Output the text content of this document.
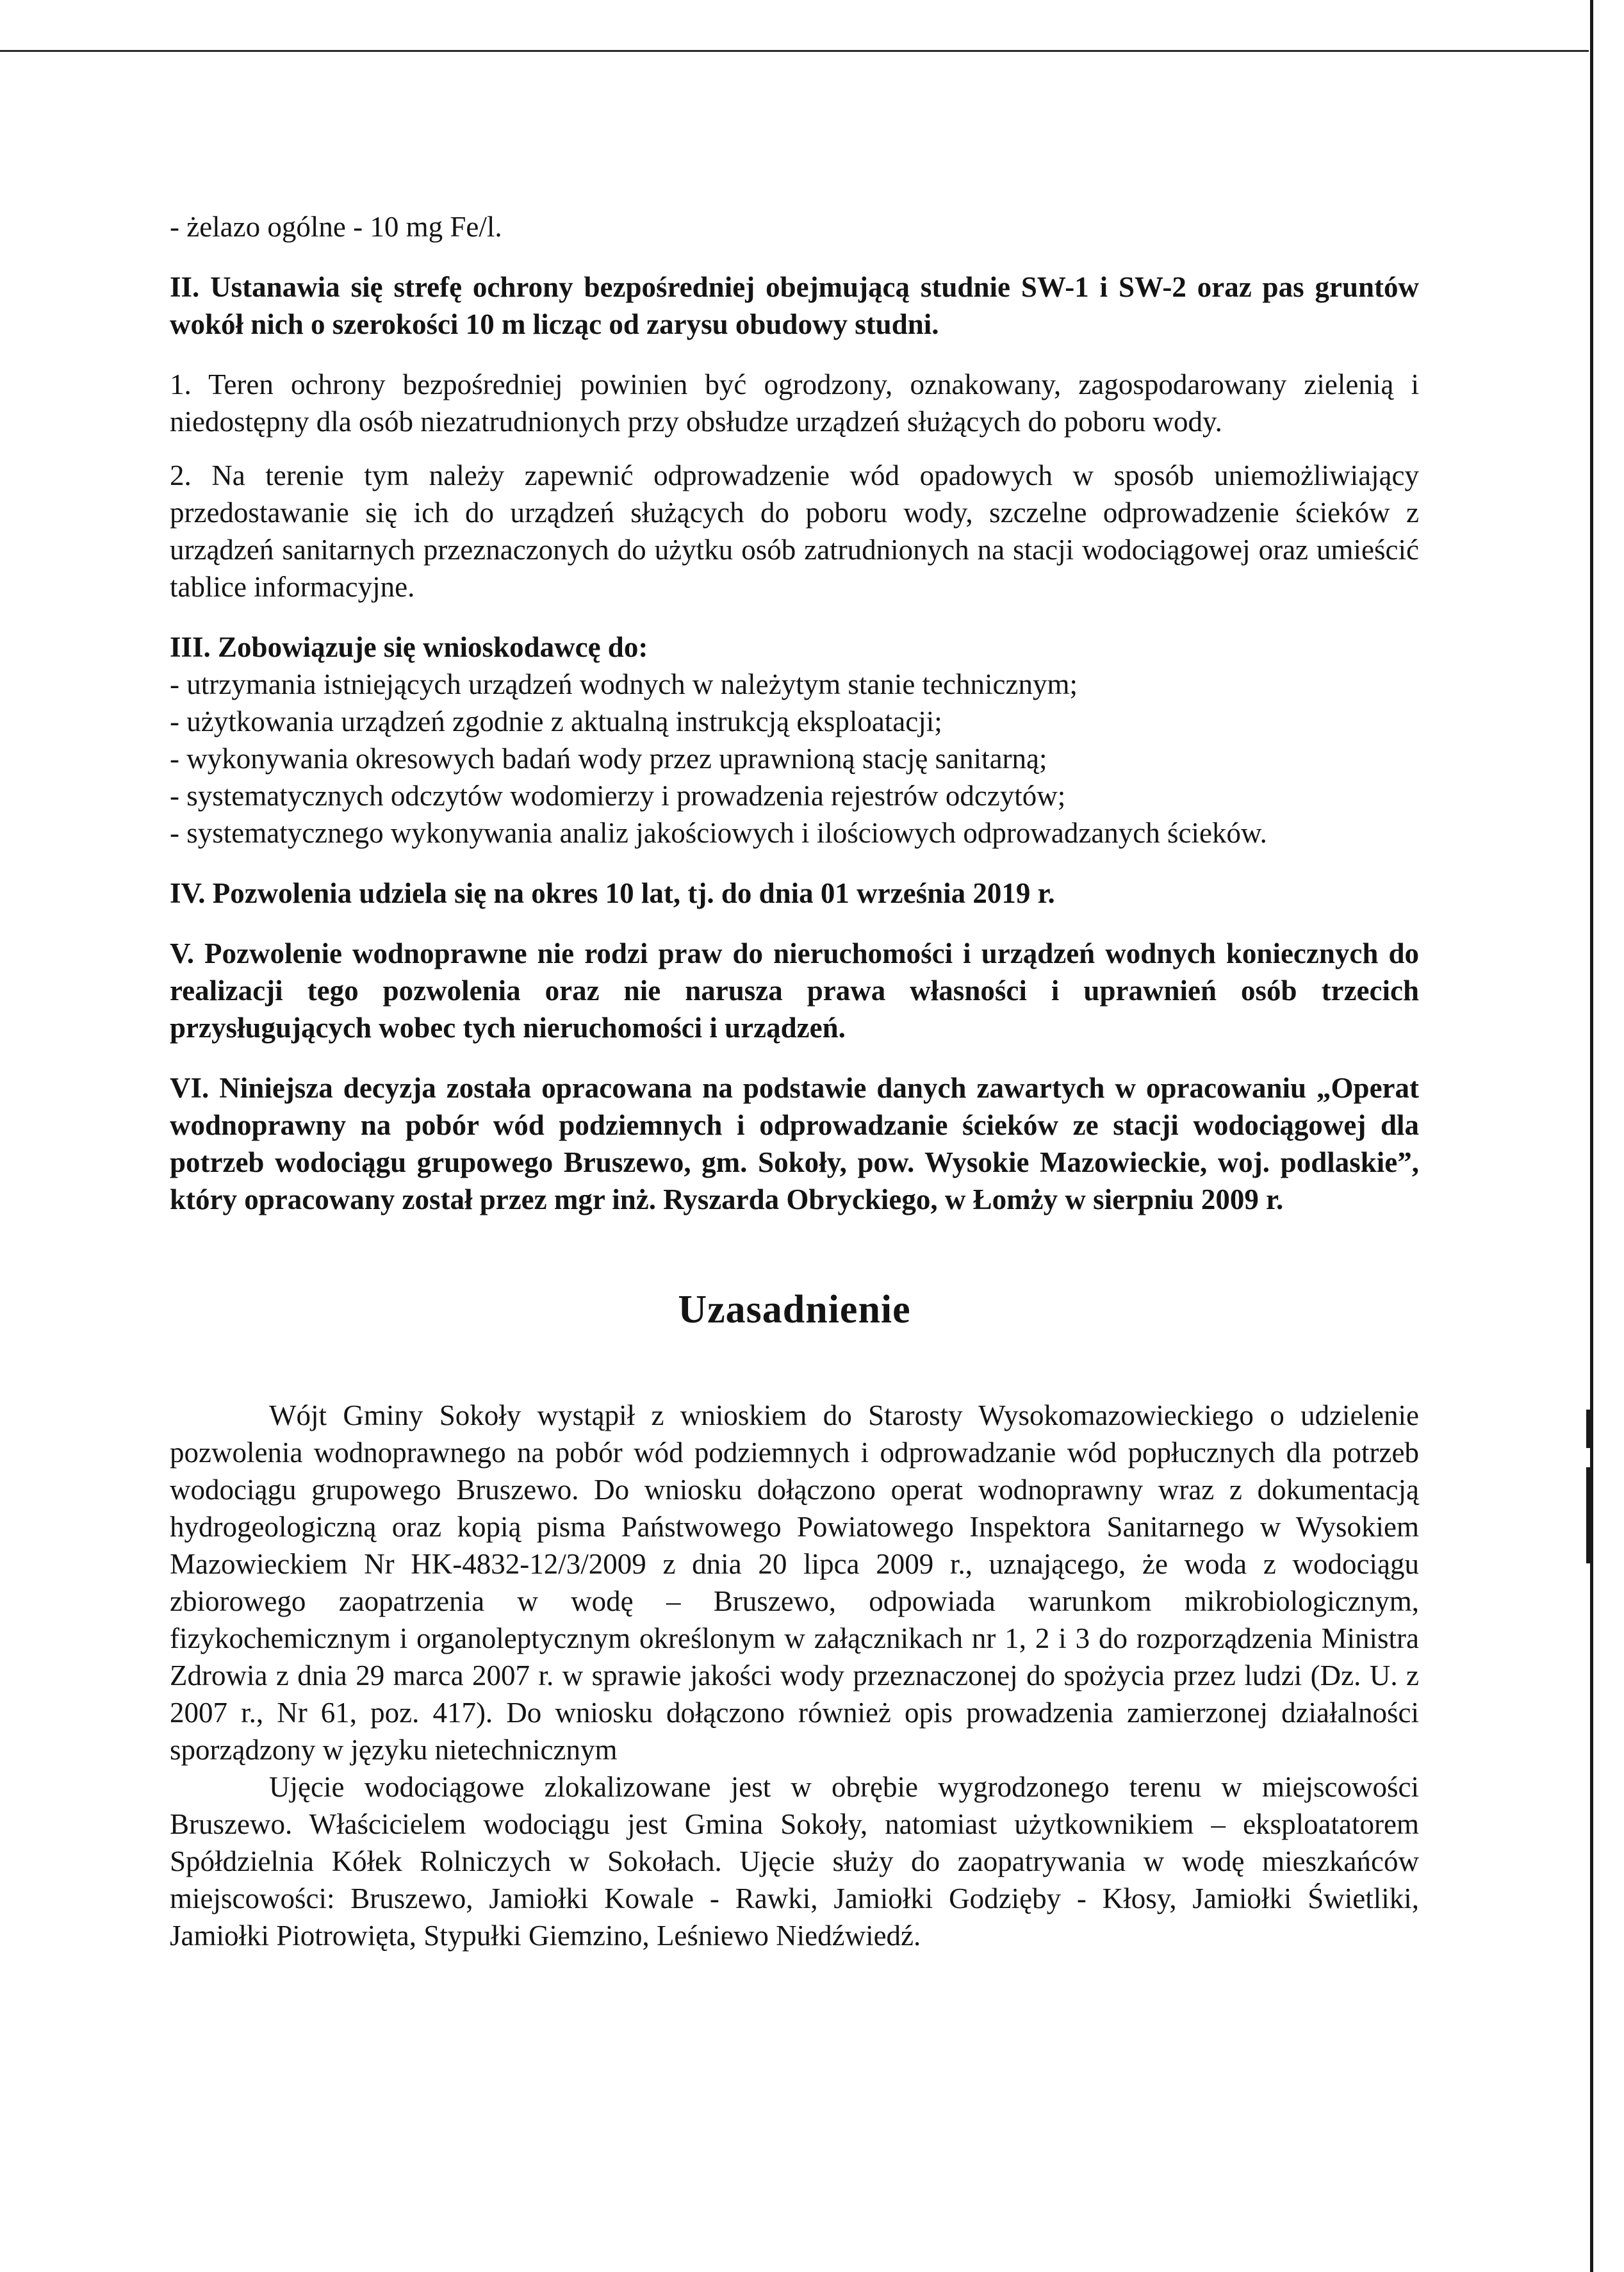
- żelazo ogólne - 10 mg Fe/l.

II. Ustanawia się strefę ochrony bezpośredniej obejmującą studnie SW-1 i SW-2 oraz pas gruntów wokół nich o szerokości 10 m licząc od zarysu obudowy studni.

1. Teren ochrony bezpośredniej powinien być ogrodzony, oznakowany, zagospodarowany zielenią i niedostępny dla osób niezatrudnionych przy obsłudze urządzeń służących do poboru wody.

2. Na terenie tym należy zapewnić odprowadzenie wód opadowych w sposób uniemożliwiający przedostawanie się ich do urządzeń służących do poboru wody, szczelne odprowadzenie ścieków z urządzeń sanitarnych przeznaczonych do użytku osób zatrudnionych na stacji wodociągowej oraz umieścić tablice informacyjne.

III. Zobowiązuje się wnioskodawcę do:
- utrzymania istniejących urządzeń wodnych w należytym stanie technicznym;
- użytkowania urządzeń zgodnie z aktualną instrukcją eksploatacji;
- wykonywania okresowych badań wody przez uprawnioną stację sanitarną;
- systematycznych odczytów wodomierzy i prowadzenia rejestrów odczytów;
- systematycznego wykonywania analiz jakościowych i ilościowych odprowadzanych ścieków.

IV. Pozwolenia udziela się na okres 10 lat, tj. do dnia 01 września 2019 r.

V. Pozwolenie wodnoprawne nie rodzi praw do nieruchomości i urządzeń wodnych koniecznych do realizacji tego pozwolenia oraz nie narusza prawa własności i uprawnień osób trzecich przysługujących wobec tych nieruchomości i urządzeń.

VI. Niniejsza decyzja została opracowana na podstawie danych zawartych w opracowaniu „Operat wodnoprawny na pobór wód podziemnych i odprowadzanie ścieków ze stacji wodociągowej dla potrzeb wodociągu grupowego Bruszewo, gm. Sokoły, pow. Wysokie Mazowieckie, woj. podlaskie”, który opracowany został przez mgr inż. Ryszarda Obryckiego, w Łomży w sierpniu 2009 r.

Uzasadnienie

Wójt Gminy Sokoły wystąpił z wnioskiem do Starosty Wysokomazowieckiego o udzielenie pozwolenia wodnoprawnego na pobór wód podziemnych i odprowadzanie wód popłucznych dla potrzeb wodociągu grupowego Bruszewo. Do wniosku dołączono operat wodnoprawny wraz z dokumentacją hydrogeologiczną oraz kopią pisma Państwowego Powiatowego Inspektora Sanitarnego w Wysokiem Mazowieckiem Nr HK-4832-12/3/2009 z dnia 20 lipca 2009 r., uznającego, że woda z wodociągu zbiorowego zaopatrzenia w wodę – Bruszewo, odpowiada warunkom mikrobiologicznym, fizykochemicznym i organoleptycznym określonym w załącznikach nr 1, 2 i 3 do rozporządzenia Ministra Zdrowia z dnia 29 marca 2007 r. w sprawie jakości wody przeznaczonej do spożycia przez ludzi (Dz. U. z 2007 r., Nr 61, poz. 417). Do wniosku dołączono również opis prowadzenia zamierzonej działalności sporządzony w języku nietechnicznym

Ujęcie wodociągowe zlokalizowane jest w obrębie wygrodzonego terenu w miejscowości Bruszewo. Właścicielem wodociągu jest Gmina Sokoły, natomiast użytkownikiem – eksploatatorem Spółdzielnia Kółek Rolniczych w Sokołach. Ujęcie służy do zaopatrywania w wodę mieszkańców miejscowości: Bruszewo, Jamiołki Kowale - Rawki, Jamiołki Godzięby - Kłosy, Jamiołki Świetliki, Jamiołki Piotrowięta, Stypułki Giemzino, Leśniewo Niedźwiedź.
